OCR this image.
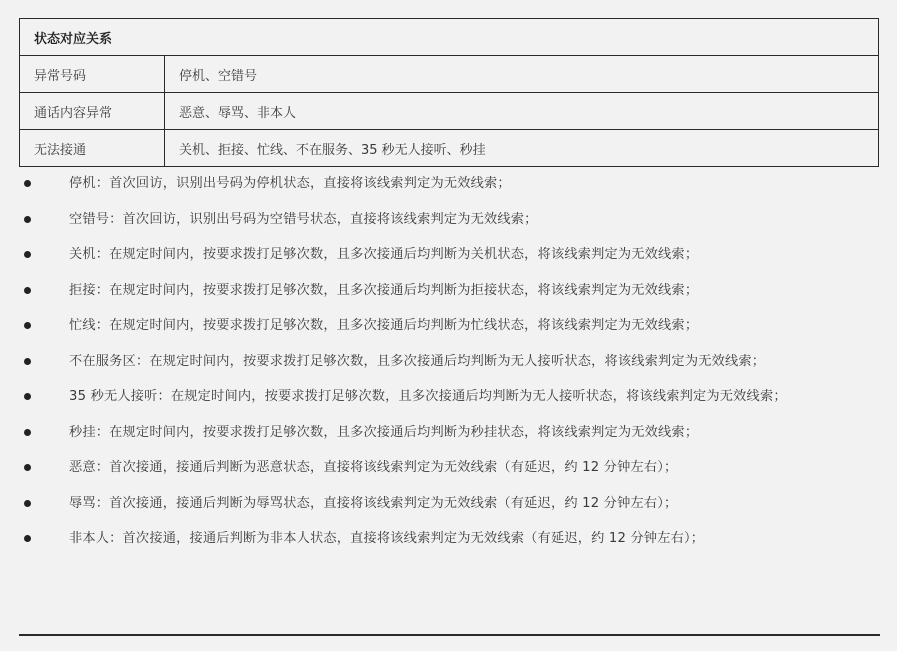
状态对应关系	
异常号码	停机、空错号
通话内容异常	恶意、辱骂、非本人
无法接通	关机、拒接、忙线、不在服务、35 秒无人接听、秒挂
停机：首次回访，识别出号码为停机状态，直接将该线索判定为无效线索；
空错号：首次回访，识别出号码为空错号状态，直接将该线索判定为无效线索；
关机：在规定时间内，按要求拨打足够次数，且多次接通后均判断为关机状态，将该线索判定为无效线索；
拒接：在规定时间内，按要求拨打足够次数，且多次接通后均判断为拒接状态，将该线索判定为无效线索；
忙线：在规定时间内，按要求拨打足够次数，且多次接通后均判断为忙线状态，将该线索判定为无效线索；
不在服务区：在规定时间内，按要求拨打足够次数，且多次接通后均判断为无人接听状态，将该线索判定为无效线索；
35 秒无人接听：在规定时间内，按要求拨打足够次数，且多次接通后均判断为无人接听状态，将该线索判定为无效线索；
秒挂：在规定时间内，按要求拨打足够次数，且多次接通后均判断为秒挂状态，将该线索判定为无效线索；
恶意：首次接通，接通后判断为恶意状态，直接将该线索判定为无效线索（有延迟，约 12 分钟左右）；
辱骂：首次接通，接通后判断为辱骂状态，直接将该线索判定为无效线索（有延迟，约 12 分钟左右）；
非本人：首次接通，接通后判断为非本人状态，直接将该线索判定为无效线索（有延迟，约 12 分钟左右）；
